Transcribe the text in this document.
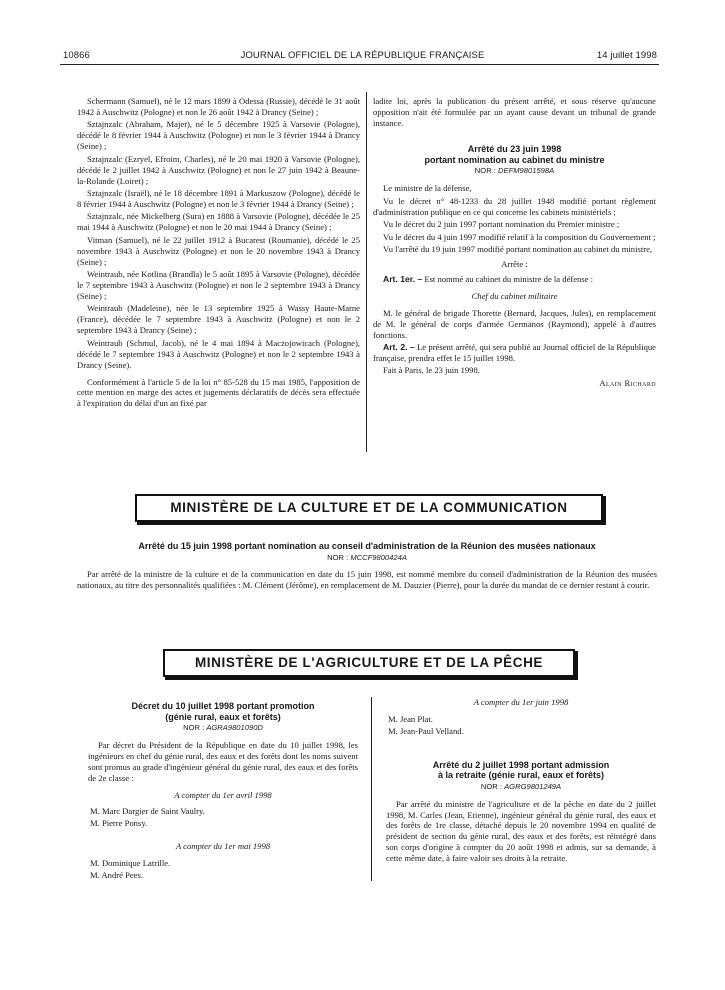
10866	JOURNAL OFFICIEL DE LA RÉPUBLIQUE FRANÇAISE	14 juillet 1998

Schermann (Samuel), né le 12 mars 1899 à Odessa (Russie), décédé le 31 août 1942 à Auschwitz (Pologne) et non le 26 août 1942 à Drancy (Seine) ;

Sztajnzalc (Abraham, Majer), né le 5 décembre 1925 à Varsovie (Pologne), décédé le 8 février 1944 à Auschwitz (Pologne) et non le 3 février 1944 à Drancy (Seine) ;

Sztajnzalc (Ezryel, Efroim, Charles), né le 20 mai 1920 à Varsovie (Pologne), décédé le 2 juillet 1942 à Auschwitz (Pologne) et non le 27 juin 1942 à Beaune-la-Rolande (Loiret) ;

Sztajnzalc (Israël), né le 18 décembre 1891 à Markuszow (Pologne), décédé le 8 février 1944 à Auschwitz (Pologne) et non le 3 février 1944 à Drancy (Seine) ;

Sztajnzalc, née Mickelberg (Sura) en 1888 à Varsovie (Pologne), décédée le 25 mai 1944 à Auschwitz (Pologne) et non le 20 mai 1944 à Drancy (Seine) ;

Vitman (Samuel), né le 22 juillet 1912 à Bucarest (Roumanie), décédé le 25 novembre 1943 à Auschwitz (Pologne) et non le 20 novembre 1943 à Drancy (Seine) ;

Weintraub, née Kotlina (Brandla) le 5 août 1895 à Varsovie (Pologne), décédée le 7 septembre 1943 à Auschwitz (Pologne) et non le 2 septembre 1943 à Drancy (Seine) ;

Weintraub (Madeleine), née le 13 septembre 1925 à Wassy Haute-Marne (France), décédée le 7 septembre 1943 à Auschwitz (Pologne) et non le 2 septembre 1943 à Drancy (Seine) ;

Weintraub (Schmul, Jacob), né le 4 mai 1894 à Maczojowicach (Pologne), décédé le 7 septembre 1943 à Auschwitz (Pologne) et non le 2 septembre 1943 à Drancy (Seine).

Conformément à l'article 5 de la loi n° 85-528 du 15 mai 1985, l'apposition de cette mention en marge des actes et jugements déclaratifs de décès sera effectuée à l'expiration du délai d'un an fixé par

ladite loi, après la publication du présent arrêté, et sous réserve qu'aucune opposition n'ait été formulée par un ayant cause devant un tribunal de grande instance.

Arrêté du 23 juin 1998
portant nomination au cabinet du ministre

NOR : DEFM9801598A

Le ministre de la défense,

Vu le décret n° 48-1233 du 28 juillet 1948 modifié portant règlement d'administration publique en ce qui concerne les cabinets ministériels ;

Vu le décret du 2 juin 1997 portant nomination du Premier ministre ;

Vu le décret du 4 juin 1997 modifié relatif à la composition du Gouvernement ;

Vu l'arrêté du 19 juin 1997 modifié portant nomination au cabinet du ministre,

Arrête :

Art. 1er. – Est nommé au cabinet du ministre de la défense :

Chef du cabinet militaire

M. le général de brigade Thorette (Bernard, Jacques, Jules), en remplacement de M. le général de corps d'armée Germanos (Raymond), appelé à d'autres fonctions.

Art. 2. – Le présent arrêté, qui sera publié au Journal officiel de la République française, prendra effet le 15 juillet 1998.

Fait à Paris, le 23 juin 1998.

Alain Richard

MINISTÈRE DE LA CULTURE ET DE LA COMMUNICATION
Arrêté du 15 juin 1998 portant nomination au conseil d'administration de la Réunion des musées nationaux

NOR : MCCF9800424A

Par arrêté de la ministre de la culture et de la communication en date du 15 juin 1998, est nommé membre du conseil d'administration de la Réunion des musées nationaux, au titre des personnalités qualifiées : M. Clément (Jérôme), en remplacement de M. Dauzier (Pierre), pour la durée du mandat de ce dernier restant à courir.

MINISTÈRE DE L'AGRICULTURE ET DE LA PÊCHE
Décret du 10 juillet 1998 portant promotion
(génie rural, eaux et forêts)

NOR : AGRA9801090D

Par décret du Président de la République en date du 10 juillet 1998, les ingénieurs en chef du génie rural, des eaux et des forêts dont les noms suivent sont promus au grade d'ingénieur général du génie rural, des eaux et des forêts de 2e classe :

A compter du 1er avril 1998

M. Marc Dargier de Saint Vaulry.

M. Pierre Ponsy.

A compter du 1er mai 1998

M. Dominique Latrille.

M. André Pees.

A compter du 1er juin 1998

M. Jean Plat.

M. Jean-Paul Velland.

Arrêté du 2 juillet 1998 portant admission
à la retraite (génie rural, eaux et forêts)

NOR : AGRG9801249A

Par arrêté du ministre de l'agriculture et de la pêche en date du 2 juillet 1998, M. Carles (Jean, Etienne), ingénieur général du génie rural, des eaux et des forêts de 1re classe, détaché depuis le 20 novembre 1994 en qualité de président de section du génie rural, des eaux et des forêts, est réintégré dans son corps d'origine à compter du 20 août 1998 et admis, sur sa demande, à cette même date, à faire valoir ses droits à la retraite.
